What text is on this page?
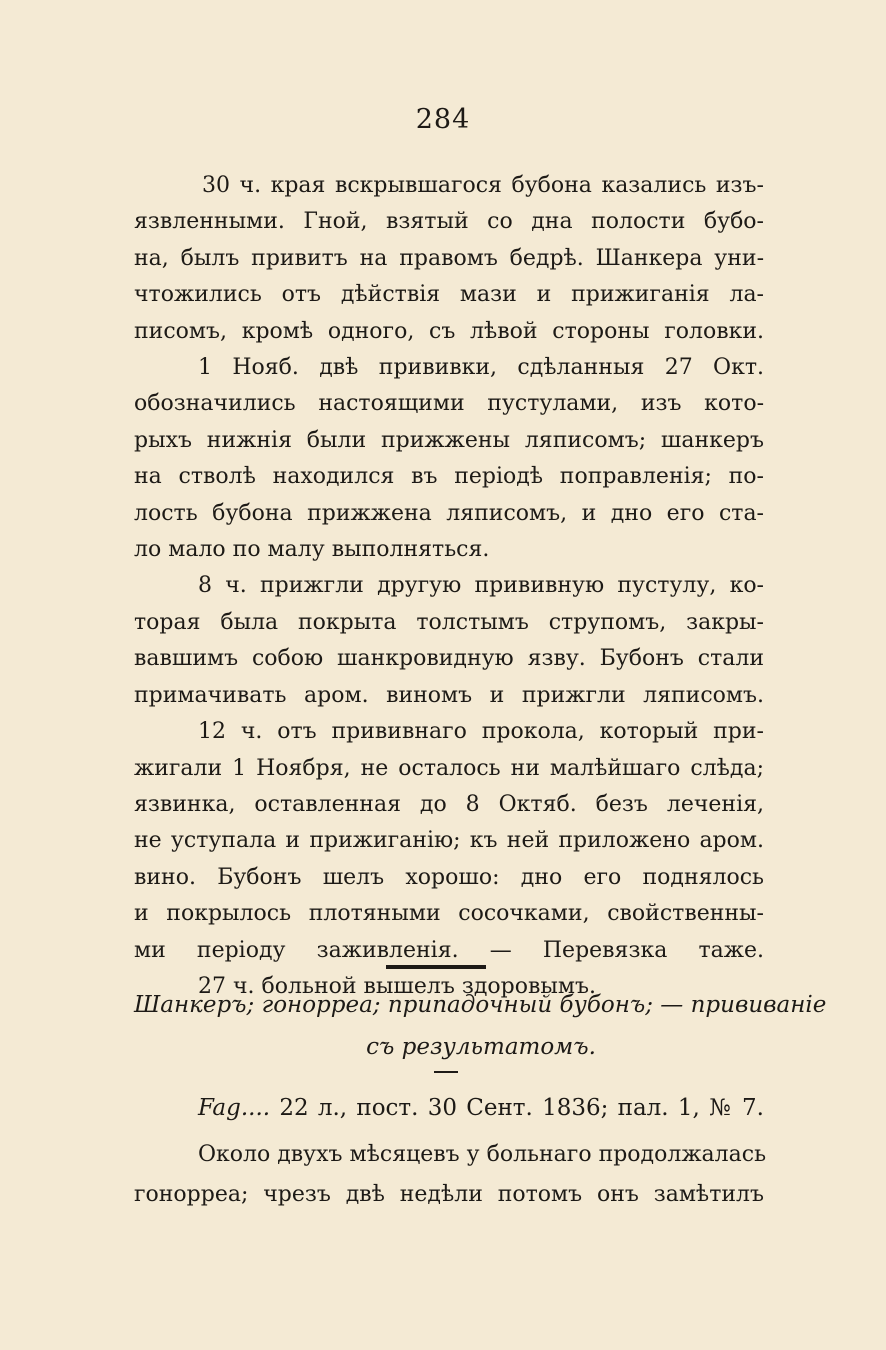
284

30 ч. края вскрывшагося бубона казались изъ-
язвленными. Гной, взятый со дна полости бубо-
на, былъ привитъ на правомъ бедрѣ. Шанкера уни-
чтожились отъ дѣйствія мази и прижиганія ла-
писомъ, кромѣ одного, съ лѣвой стороны головки.

1 Нояб. двѣ прививки, сдѣланныя 27 Окт.
обозначились настоящими пустулами, изъ кото-
рыхъ нижнія были прижжены ляписомъ; шанкеръ
на стволѣ находился въ періодѣ поправленія; по-
лость бубона прижжена ляписомъ, и дно его ста-
ло мало по малу выполняться.

8 ч. прижгли другую прививную пустулу, ко-
торая была покрыта толстымъ струпомъ, закры-
вавшимъ собою шанкровидную язву. Бубонъ стали
примачивать аром. виномъ и прижгли ляписомъ.

12 ч. отъ прививнаго прокола, который при-
жигали 1 Ноября, не осталось ни малѣйшаго слѣда;
язвинка, оставленная до 8 Октяб. безъ леченія,
не уступала и прижиганію; къ ней приложено аром.
вино. Бубонъ шелъ хорошо: дно его поднялось
и покрылось плотяными сосочками, свойственны-
ми періоду заживленія. — Перевязка таже.

27 ч. больной вышелъ здоровымъ.

Шанкеръ; гонорреа; припадочный бубонъ; — прививаніе
съ результатомъ.
Fag.... 22 л., пост. 30 Сент. 1836; пал. 1, № 7.
Около двухъ мѣсяцевъ у больнаго продолжалась
гонорреа; чрезъ двѣ недѣли потомъ онъ замѣтилъ
